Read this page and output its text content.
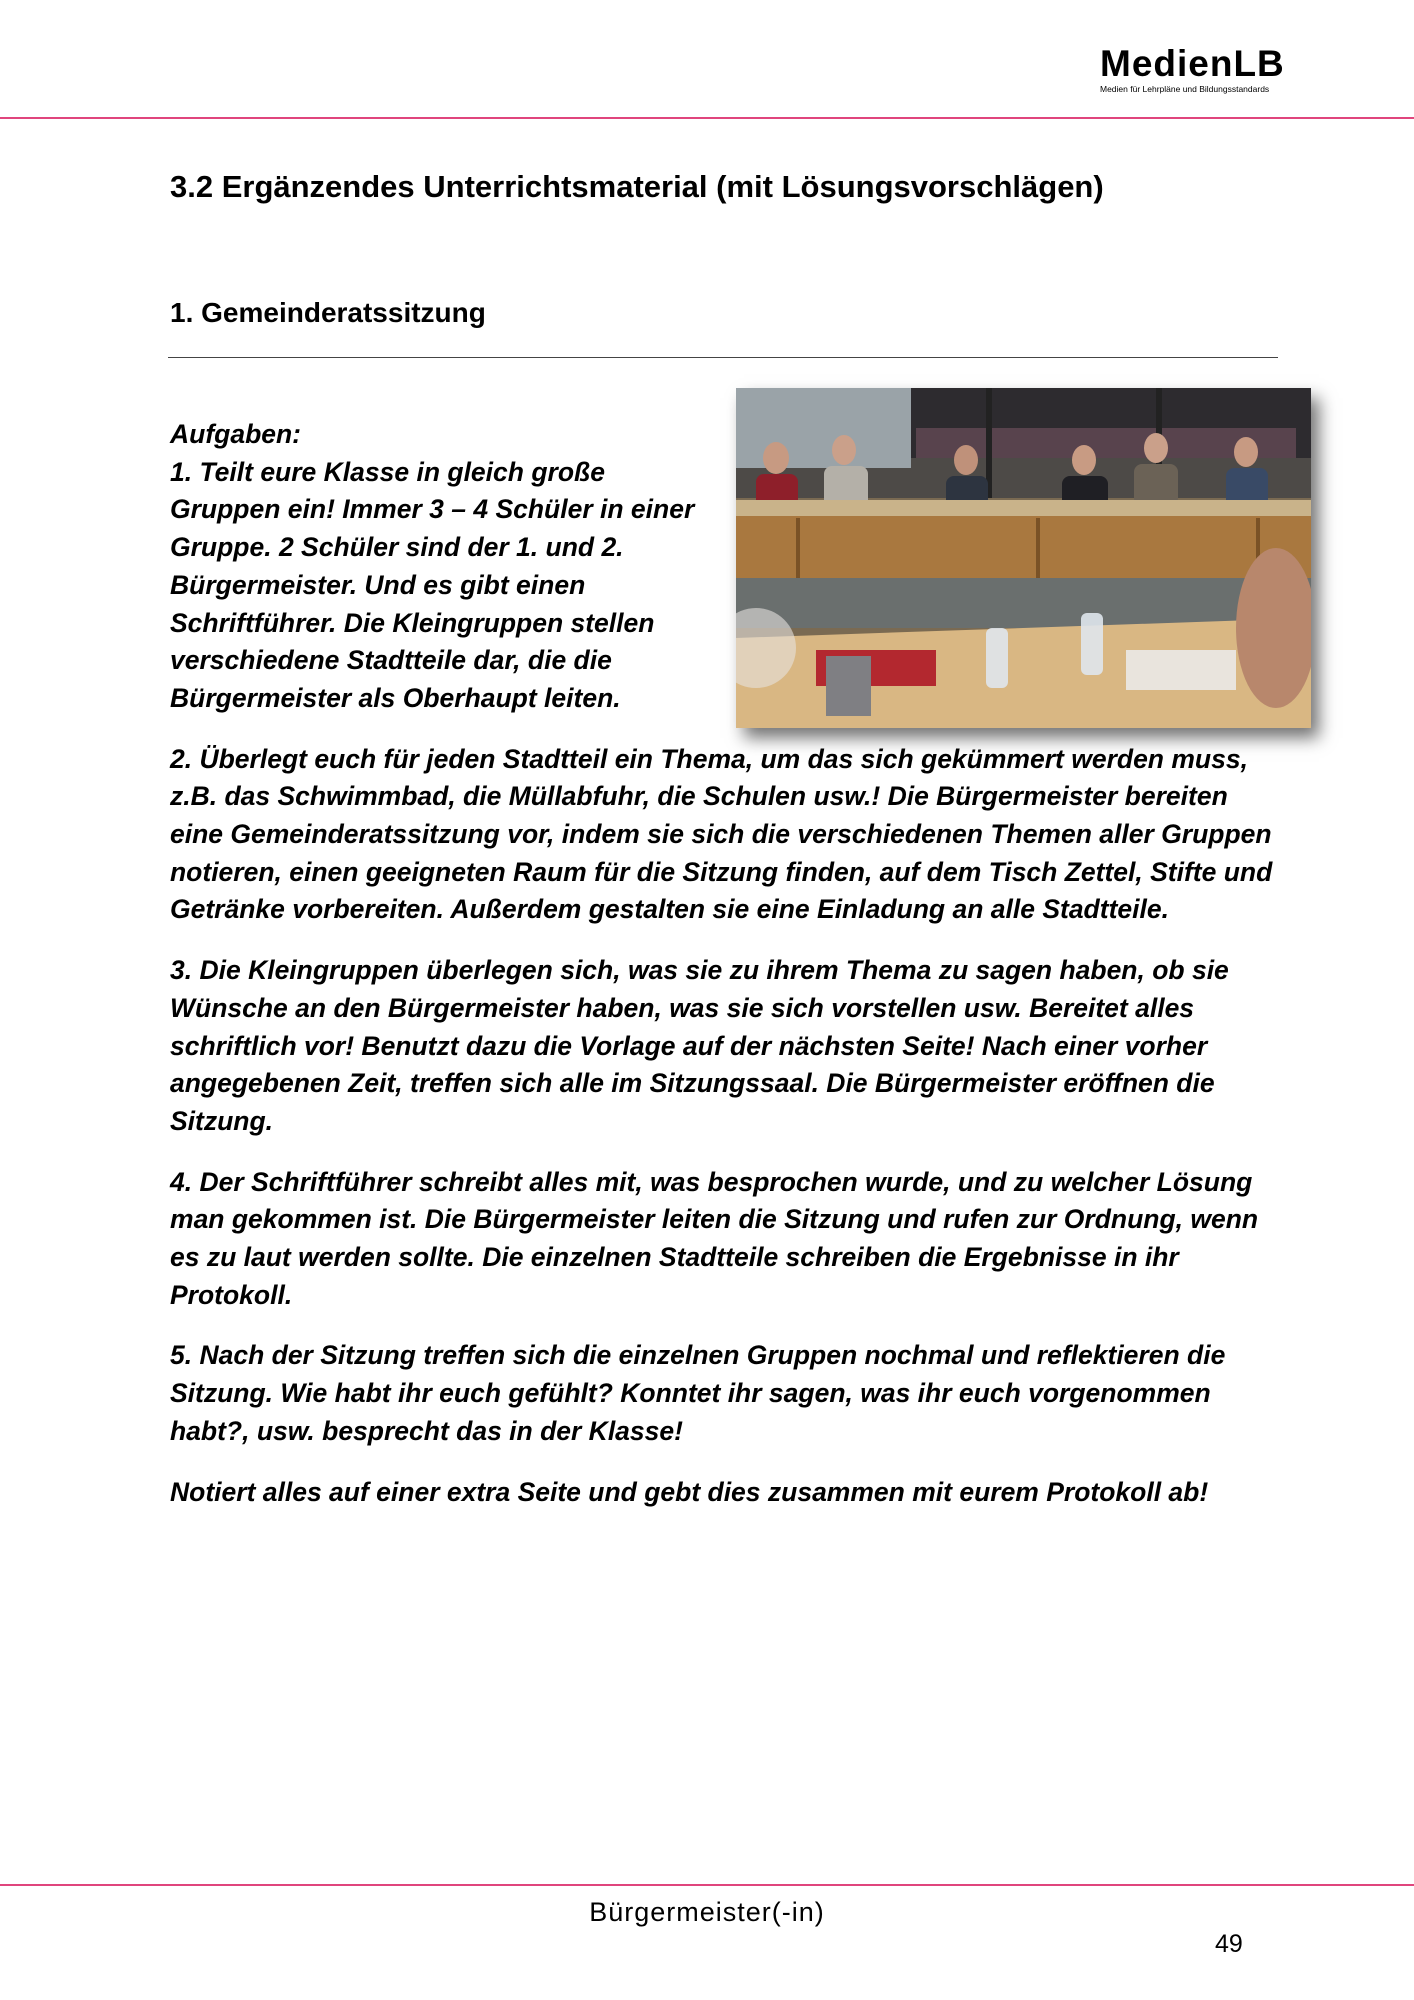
MedienLB
Medien für Lehrpläne und Bildungsstandards
3.2 Ergänzendes Unterrichtsmaterial (mit Lösungsvorschlägen)
1. Gemeinderatssitzung

Aufgaben:
1. Teilt eure Klasse in gleich große Gruppen ein! Immer 3 – 4 Schüler in einer Gruppe. 2 Schüler sind der 1. und 2. Bürgermeister. Und es gibt einen Schriftführer. Die Kleingruppen stellen verschiedene Stadtteile dar, die die Bürgermeister als Oberhaupt leiten.

2. Überlegt euch für jeden Stadtteil ein Thema, um das sich gekümmert werden muss, z.B. das Schwimmbad, die Müllabfuhr, die Schulen usw.! Die Bürgermeister bereiten eine Gemeinderatssitzung vor, indem sie sich die verschiedenen Themen aller Gruppen notieren, einen geeigneten Raum für die Sitzung finden, auf dem Tisch Zettel, Stifte und Getränke vorbereiten. Außerdem gestalten sie eine Einladung an alle Stadtteile.

3. Die Kleingruppen überlegen sich, was sie zu ihrem Thema zu sagen haben, ob sie Wünsche an den Bürgermeister haben, was sie sich vorstellen usw. Bereitet alles schriftlich vor! Benutzt dazu die Vorlage auf der nächsten Seite! Nach einer vorher angegebenen Zeit, treffen sich alle im Sitzungssaal. Die Bürgermeister eröffnen die Sitzung.

4. Der Schriftführer schreibt alles mit, was besprochen wurde, und zu welcher Lösung man gekommen ist. Die Bürgermeister leiten die Sitzung und rufen zur Ordnung, wenn es zu laut werden sollte. Die einzelnen Stadtteile schreiben die Ergebnisse in ihr Protokoll.

5. Nach der Sitzung treffen sich die einzelnen Gruppen nochmal und reflektieren die Sitzung. Wie habt ihr euch gefühlt? Konntet ihr sagen, was ihr euch vorgenommen habt?, usw. besprecht das in der Klasse!

Notiert alles auf einer extra Seite und gebt dies zusammen mit eurem Protokoll ab!

Bürgermeister(-in)
49
